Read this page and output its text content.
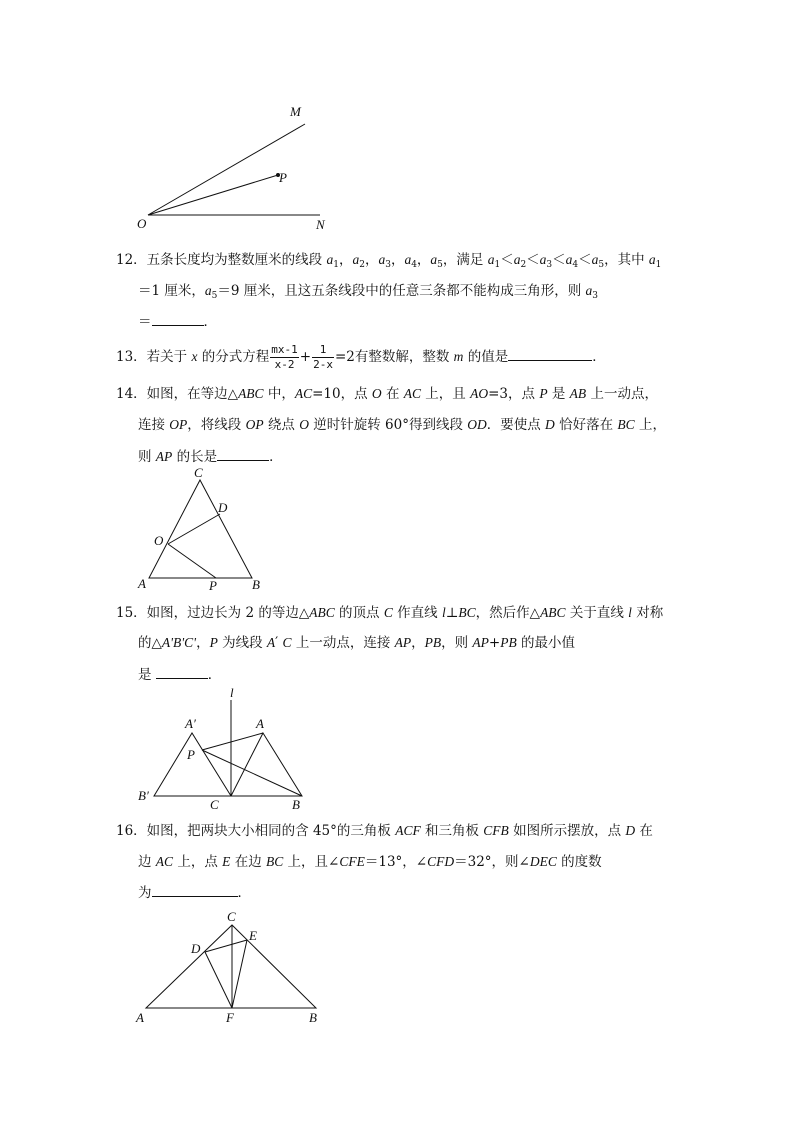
M
P
O	N
12．五条长度均为整数厘米的线段 $a_1$，$a_2$，$a_3$，$a_4$，$a_5$，满足 $a_1<a_2<a_3<a_4<a_5$，其中 $a_1$
＝1 厘米，$a_5=9$ 厘米，且这五条线段中的任意三条都不能构成三角形，则 $a_3$
＝	．
13．若关于 x 的分式方程 $\frac{mx-1}{x-2} + \frac{1}{2-x} =2$有整数解，整数 m 的值是	．
14．如图，在等边△ABC 中，AC=10，点 O 在 AC 上，且 AO=3，点 P 是 AB 上一动点，
连接 OP，将线段 OP 绕点 O 逆时针旋转 60°得到线段 OD．要使点 D 恰好落在 BC 上，
则 AP 的长是	．
C
D
O
A	P	B
15．如图，过边长为 2 的等边△ABC 的顶点 C 作直线 l⊥BC，然后作△ABC 关于直线 l 对称
的△A'B'C'，P 为线段 A′ C 上一动点，连接 AP，PB，则 AP+PB 的最小值
是	．
l
A′	A
P
B′
C	B
16．如图，把两块大小相同的含 45°的三角板 ACF 和三角板 CFB 如图所示摆放，点 D 在
边 AC 上，点 E 在边 BC 上，且∠CFE＝13°，∠CFD＝32°，则∠DEC 的度数
为	．
C
D
E
A	F	B
